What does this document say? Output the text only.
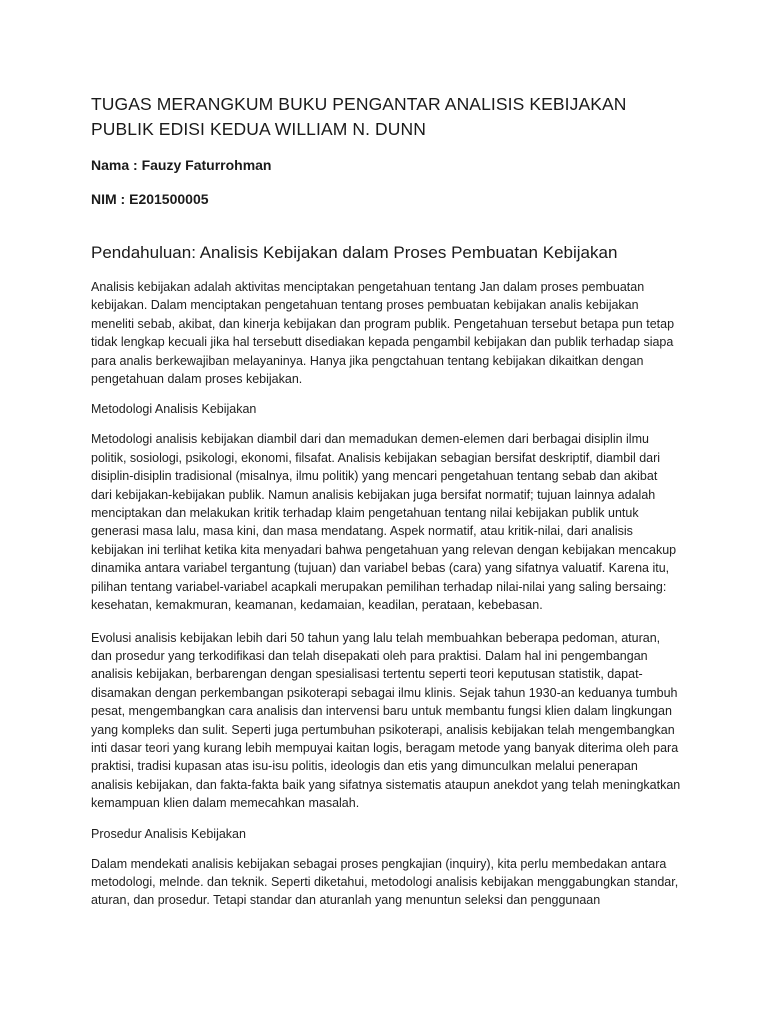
TUGAS MERANGKUM BUKU PENGANTAR ANALISIS KEBIJAKAN PUBLIK EDISI KEDUA WILLIAM N. DUNN

Nama : Fauzy Faturrohman

NIM : E201500005

Pendahuluan: Analisis Kebijakan dalam Proses Pembuatan Kebijakan

Analisis kebijakan adalah aktivitas menciptakan pengetahuan tentang Jan dalam proses pembuatan kebijakan. Dalam menciptakan pengetahuan tentang proses pembuatan kebijakan analis kebijakan meneliti sebab, akibat, dan kinerja kebijakan dan program publik. Pengetahuan tersebut betapa pun tetap tidak lengkap kecuali jika hal tersebutt disediakan kepada pengambil kebijakan dan publik terhadap siapa para analis berkewajiban melayaninya. Hanya jika pengctahuan tentang kebijakan dikaitkan dengan pengetahuan dalam proses kebijakan.

Metodologi Analisis Kebijakan

Metodologi analisis kebijakan diambil dari dan memadukan demen-elemen dari berbagai disiplin ilmu politik, sosiologi, psikologi, ekonomi, filsafat. Analisis kebijakan sebagian bersifat deskriptif, diambil dari disiplin-disiplin tradisional (misalnya, ilmu politik) yang mencari pengetahuan tentang sebab dan akibat dari kebijakan-kebijakan publik. Namun analisis kebijakan juga bersifat normatif; tujuan lainnya adalah menciptakan dan melakukan kritik terhadap klaim pengetahuan tentang nilai kebijakan publik untuk generasi masa lalu, masa kini, dan masa mendatang. Aspek normatif, atau kritik-nilai, dari analisis kebijakan ini terlihat ketika kita menyadari bahwa pengetahuan yang relevan dengan kebijakan mencakup dinamika antara variabel tergantung (tujuan) dan variabel bebas (cara) yang sifatnya valuatif. Karena itu, pilihan tentang variabel-variabel acapkali merupakan pemilihan terhadap nilai-nilai yang saling bersaing: kesehatan, kemakmuran, keamanan, kedamaian, keadilan, perataan, kebebasan.

Evolusi analisis kebijakan lebih dari 50 tahun yang lalu telah membuahkan beberapa pedoman, aturan, dan prosedur yang terkodifikasi dan telah disepakati oleh para praktisi. Dalam hal ini pengembangan analisis kebijakan, berbarengan dengan spesialisasi tertentu seperti teori keputusan statistik, dapat-disamakan dengan perkembangan psikoterapi sebagai ilmu klinis. Sejak tahun 1930-an keduanya tumbuh pesat, mengembangkan cara analisis dan intervensi baru untuk membantu fungsi klien dalam lingkungan yang kompleks dan sulit. Seperti juga pertumbuhan psikoterapi, analisis kebijakan telah mengembangkan inti dasar teori yang kurang lebih mempuyai kaitan logis, beragam metode yang banyak diterima oleh para praktisi, tradisi kupasan atas isu-isu politis, ideologis dan etis yang dimunculkan melalui penerapan analisis kebijakan, dan fakta-fakta baik yang sifatnya sistematis ataupun anekdot yang telah meningkatkan kemampuan klien dalam memecahkan masalah.

Prosedur Analisis Kebijakan

Dalam mendekati analisis kebijakan sebagai proses pengkajian (inquiry), kita perlu membedakan antara metodologi, melnde. dan teknik. Seperti diketahui, metodologi analisis kebijakan menggabungkan standar, aturan, dan prosedur. Tetapi standar dan aturanlah yang menuntun seleksi dan penggunaan
